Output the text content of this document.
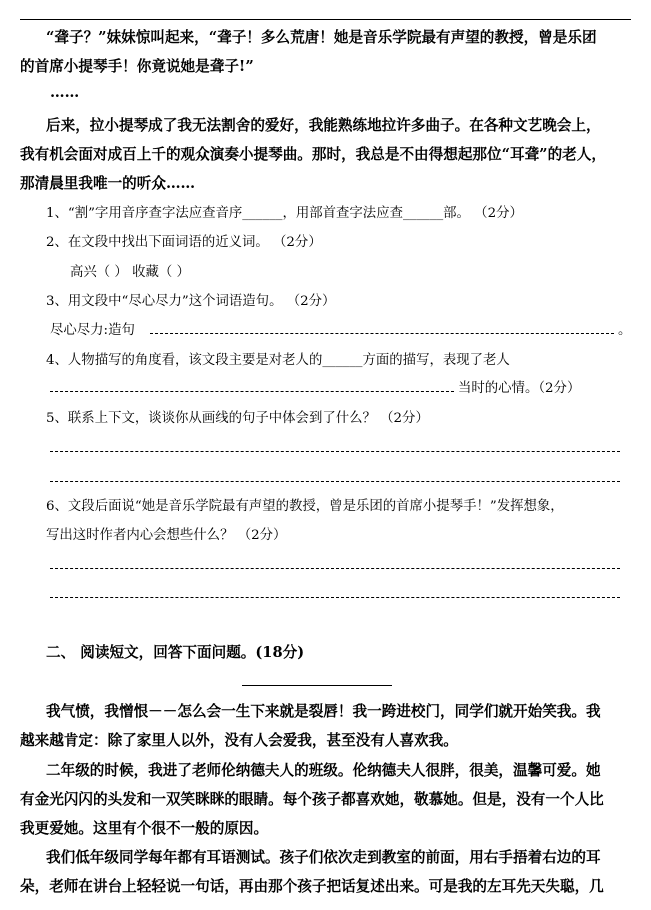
“聋子？”妹妹惊叫起来，“聋子！多么荒唐！她是音乐学院最有声望的教授，曾是乐团
的首席小提琴手！你竟说她是聋子!”
……
后来，拉小提琴成了我无法割舍的爱好，我能熟练地拉许多曲子。在各种文艺晚会上，
我有机会面对成百上千的观众演奏小提琴曲。那时，我总是不由得想起那位“耳聋”的老人，
那清晨里我唯一的听众……
1、“割”字用音序查字法应查音序______，用部首查字法应查______部。 （2分）
2、在文段中找出下面词语的近义词。 （2分）
高兴（ ） 收藏（ ）
3、用文段中“尽心尽力”这个词语造句。 （2分）
尽心尽力:造句	。
4、人物描写的角度看，该文段主要是对老人的______方面的描写，表现了老人
当时的心情。（2分）
5、联系上下文，谈谈你从画线的句子中体会到了什么？ （2分）
6、文段后面说“她是音乐学院最有声望的教授，曾是乐团的首席小提琴手！”发挥想象，
写出这时作者内心会想些什么？ （2分）
二、 阅读短文，回答下面问题。(18分)
我气愤，我憎恨－－怎么会一生下来就是裂唇！我一跨进校门，同学们就开始笑我。我
越来越肯定：除了家里人以外，没有人会爱我，甚至没有人喜欢我。
二年级的时候，我进了老师伦纳德夫人的班级。伦纳德夫人很胖，很美，温馨可爱。她
有金光闪闪的头发和一双笑眯眯的眼睛。每个孩子都喜欢她，敬慕她。但是，没有一个人比
我更爱她。这里有个很不一般的原因。
我们低年级同学每年都有耳语测试。孩子们依次走到教室的前面，用右手捂着右边的耳
朵，老师在讲台上轻轻说一句话，再由那个孩子把话复述出来。可是我的左耳先天失聪，几
